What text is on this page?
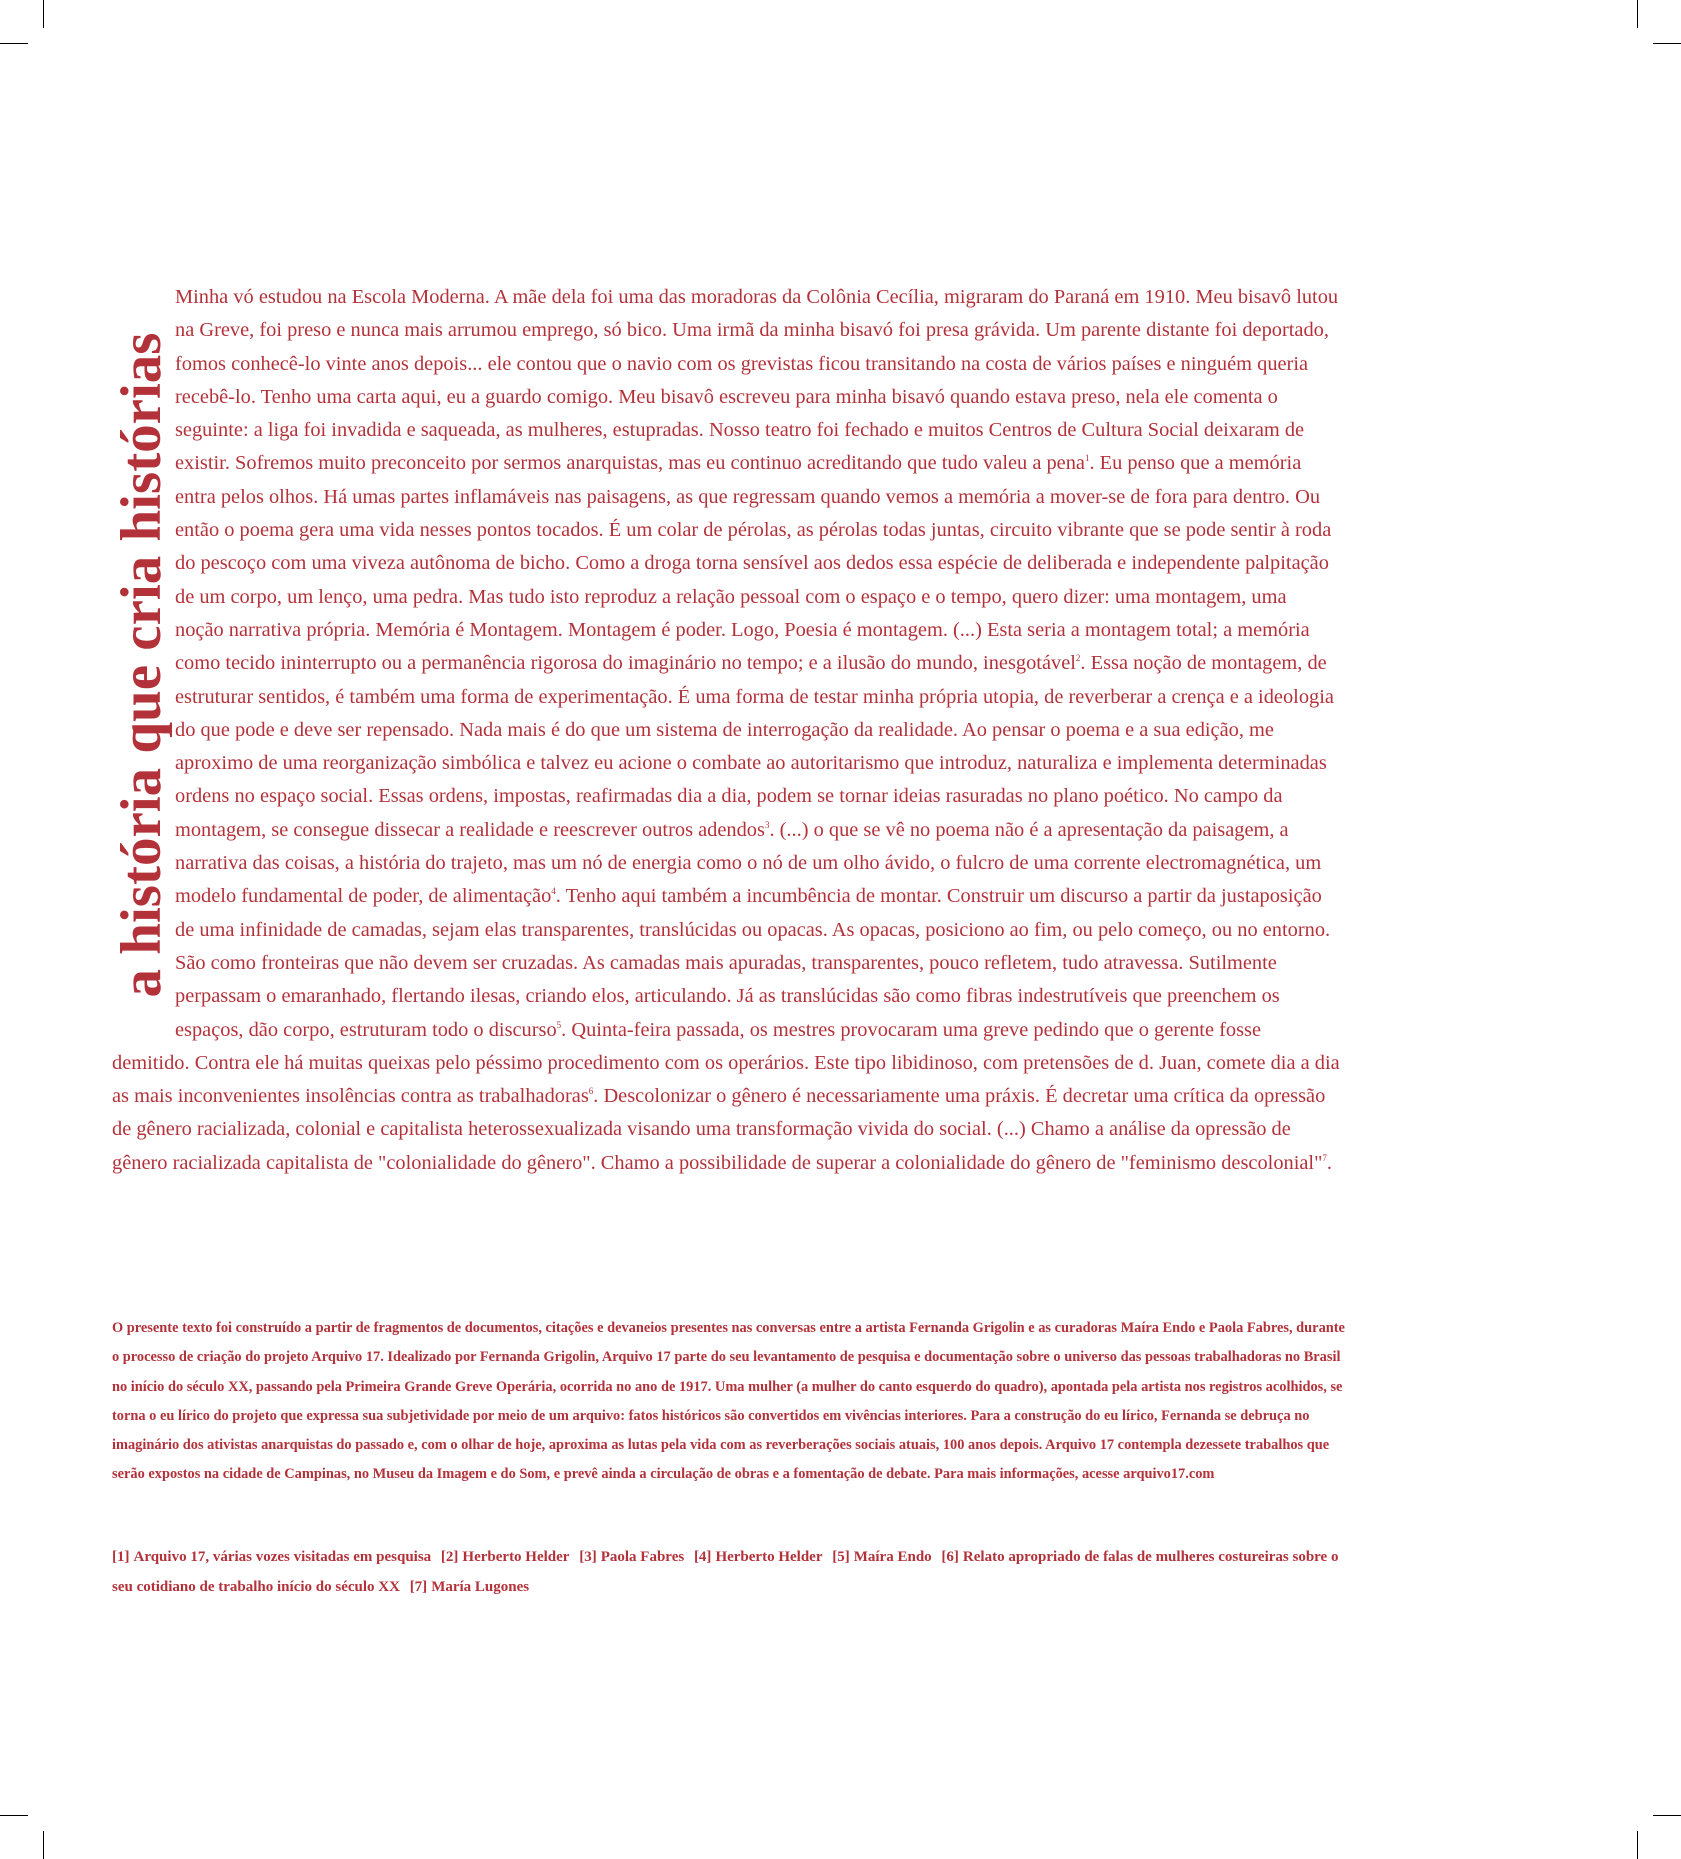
a história que cria histórias
Minha vó estudou na Escola Moderna. A mãe dela foi uma das moradoras da Colônia Cecília, migraram do Paraná em 1910. Meu bisavô lutou na Greve, foi preso e nunca mais arrumou emprego, só bico. Uma irmã da minha bisavó foi presa grávida. Um parente distante foi deportado, fomos conhecê-lo vinte anos depois... ele contou que o navio com os grevistas ficou transitando na costa de vários países e ninguém queria recebê-lo. Tenho uma carta aqui, eu a guardo comigo. Meu bisavô escreveu para minha bisavó quando estava preso, nela ele comenta o seguinte: a liga foi invadida e saqueada, as mulheres, estupradas. Nosso teatro foi fechado e muitos Centros de Cultura Social deixaram de existir. Sofremos muito preconceito por sermos anarquistas, mas eu continuo acreditando que tudo valeu a pena$^1$. Eu penso que a memória entra pelos olhos. Há umas partes inflamáveis nas paisagens, as que regressam quando vemos a memória a mover-se de fora para dentro. Ou então o poema gera uma vida nesses pontos tocados. É um colar de pérolas, as pérolas todas juntas, circuito vibrante que se pode sentir à roda do pescoço com uma viveza autônoma de bicho. Como a droga torna sensível aos dedos essa espécie de deliberada e independente palpitação de um corpo, um lenço, uma pedra. Mas tudo isto reproduz a relação pessoal com o espaço e o tempo, quero dizer: uma montagem, uma noção narrativa própria. Memória é Montagem. Montagem é poder. Logo, Poesia é montagem. (...) Esta seria a montagem total; a memória como tecido ininterrupto ou a permanência rigorosa do imaginário no tempo; e a ilusão do mundo, inesgotável$^2$. Essa noção de montagem, de estruturar sentidos, é também uma forma de experimentação. É uma forma de testar minha própria utopia, de reverberar a crença e a ideologia do que pode e deve ser repensado. Nada mais é do que um sistema de interrogação da realidade. Ao pensar o poema e a sua edição, me aproximo de uma reorganização simbólica e talvez eu acione o combate ao autoritarismo que introduz, naturaliza e implementa determinadas ordens no espaço social. Essas ordens, impostas, reafirmadas dia a dia, podem se tornar ideias rasuradas no plano poético. No campo da montagem, se consegue dissecar a realidade e reescrever outros adendos$^3$. (...) o que se vê no poema não é a apresentação da paisagem, a narrativa das coisas, a história do trajeto, mas um nó de energia como o nó de um olho ávido, o fulcro de uma corrente electromagnética, um modelo fundamental de poder, de alimentação$^4$. Tenho aqui também a incumbência de montar. Construir um discurso a partir da justaposição de uma infinidade de camadas, sejam elas transparentes, translúcidas ou opacas. As opacas, posiciono ao fim, ou pelo começo, ou no entorno. São como fronteiras que não devem ser cruzadas. As camadas mais apuradas, transparentes, pouco refletem, tudo atravessa. Sutilmente perpassam o emaranhado, flertando ilesas, criando elos, articulando. Já as translúcidas são como fibras indestrutíveis que preenchem os espaços, dão corpo, estruturam todo o discurso$^5$. Quinta-feira passada, os mestres provocaram uma greve pedindo que o gerente fosse demitido. Contra ele há muitas queixas pelo péssimo procedimento com os operários. Este tipo libidinoso, com pretensões de d. Juan, comete dia a dia as mais inconvenientes insolências contra as trabalhadoras$^6$. Descolonizar o gênero é necessariamente uma práxis. É decretar uma crítica da opressão de gênero racializada, colonial e capitalista heterossexualizada visando uma transformação vivida do social. (...) Chamo a análise da opressão de gênero racializada capitalista de "colonialidade do gênero". Chamo a possibilidade de superar a colonialidade do gênero de "feminismo descolonial"$^7$.
O presente texto foi construído a partir de fragmentos de documentos, citações e devaneios presentes nas conversas entre a artista Fernanda Grigolin e as curadoras Maíra Endo e Paola Fabres, durante o processo de criação do projeto Arquivo 17. Idealizado por Fernanda Grigolin, Arquivo 17 parte do seu levantamento de pesquisa e documentação sobre o universo das pessoas trabalhadoras no Brasil no início do século XX, passando pela Primeira Grande Greve Operária, ocorrida no ano de 1917. Uma mulher (a mulher do canto esquerdo do quadro), apontada pela artista nos registros acolhidos, se torna o eu lírico do projeto que expressa sua subjetividade por meio de um arquivo: fatos históricos são convertidos em vivências interiores. Para a construção do eu lírico, Fernanda se debruça no imaginário dos ativistas anarquistas do passado e, com o olhar de hoje, aproxima as lutas pela vida com as reverberações sociais atuais, 100 anos depois. Arquivo 17 contempla dezessete trabalhos que serão expostos na cidade de Campinas, no Museu da Imagem e do Som, e prevê ainda a circulação de obras e a fomentação de debate. Para mais informações, acesse arquivo17.com
[1] Arquivo 17, várias vozes visitadas em pesquisa [2] Herberto Helder [3] Paola Fabres [4] Herberto Helder [5] Maíra Endo [6] Relato apropriado de falas de mulheres costureiras sobre o seu cotidiano de trabalho início do século XX [7] María Lugones
